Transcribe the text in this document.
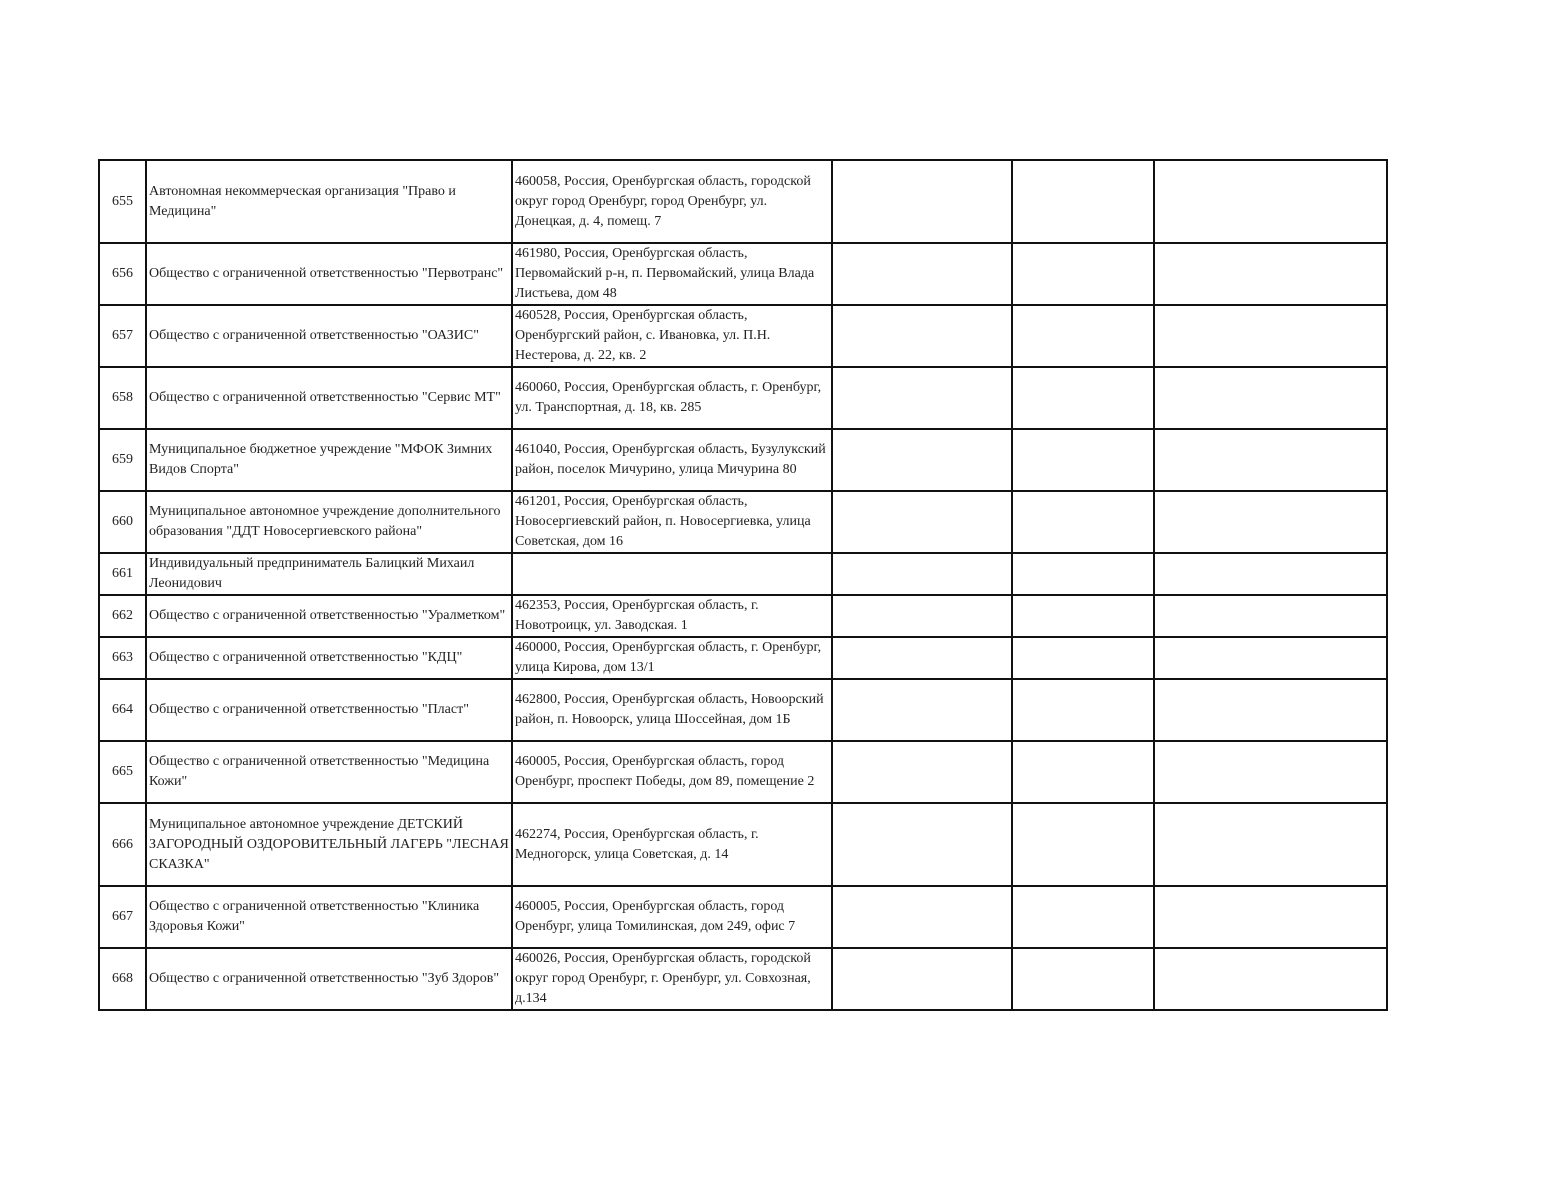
655	Автономная некоммерческая организация "Право и Медицина"	460058, Россия, Оренбургская область, городской округ город Оренбург, город Оренбург, ул. Донецкая, д. 4, помещ. 7			
656	Общество с ограниченной ответственностью "Первотранс"	461980, Россия, Оренбургская область, Первомайский р-н, п. Первомайский, улица Влада Листьева, дом 48			
657	Общество с ограниченной ответственностью "ОАЗИС"	460528, Россия, Оренбургская область, Оренбургский район, с. Ивановка, ул. П.Н. Нестерова, д. 22, кв. 2			
658	Общество с ограниченной ответственностью "Сервис МТ"	460060, Россия, Оренбургская область, г. Оренбург, ул. Транспортная, д. 18, кв. 285			
659	Муниципальное бюджетное учреждение "МФОК Зимних Видов Спорта"	461040, Россия, Оренбургская область, Бузулукский район, поселок Мичурино, улица Мичурина 80			
660	Муниципальное автономное учреждение дополнительного образования "ДДТ Новосергиевского района"	461201, Россия, Оренбургская область, Новосергиевский район, п. Новосергиевка, улица Советская, дом 16			
661	Индивидуальный предприниматель Балицкий Михаил Леонидович				
662	Общество с ограниченной ответственностью "Уралметком"	462353, Россия, Оренбургская область, г. Новотроицк, ул. Заводская. 1			
663	Общество с ограниченной ответственностью "КДЦ"	460000, Россия, Оренбургская область, г. Оренбург, улица Кирова, дом 13/1			
664	Общество с ограниченной ответственностью "Пласт"	462800, Россия, Оренбургская область, Новоорский район, п. Новоорск, улица Шоссейная, дом 1Б			
665	Общество с ограниченной ответственностью "Медицина Кожи"	460005, Россия, Оренбургская область, город Оренбург, проспект Победы, дом 89, помещение 2			
666	Муниципальное автономное учреждение ДЕТСКИЙ ЗАГОРОДНЫЙ ОЗДОРОВИТЕЛЬНЫЙ ЛАГЕРЬ "ЛЕСНАЯ СКАЗКА"	462274, Россия, Оренбургская область, г. Медногорск, улица Советская, д. 14			
667	Общество с ограниченной ответственностью "Клиника Здоровья Кожи"	460005, Россия, Оренбургская область, город Оренбург, улица Томилинская, дом 249, офис 7			
668	Общество с ограниченной ответственностью "Зуб Здоров"	460026, Россия, Оренбургская область, городской округ город Оренбург, г. Оренбург, ул. Совхозная, д.134			
